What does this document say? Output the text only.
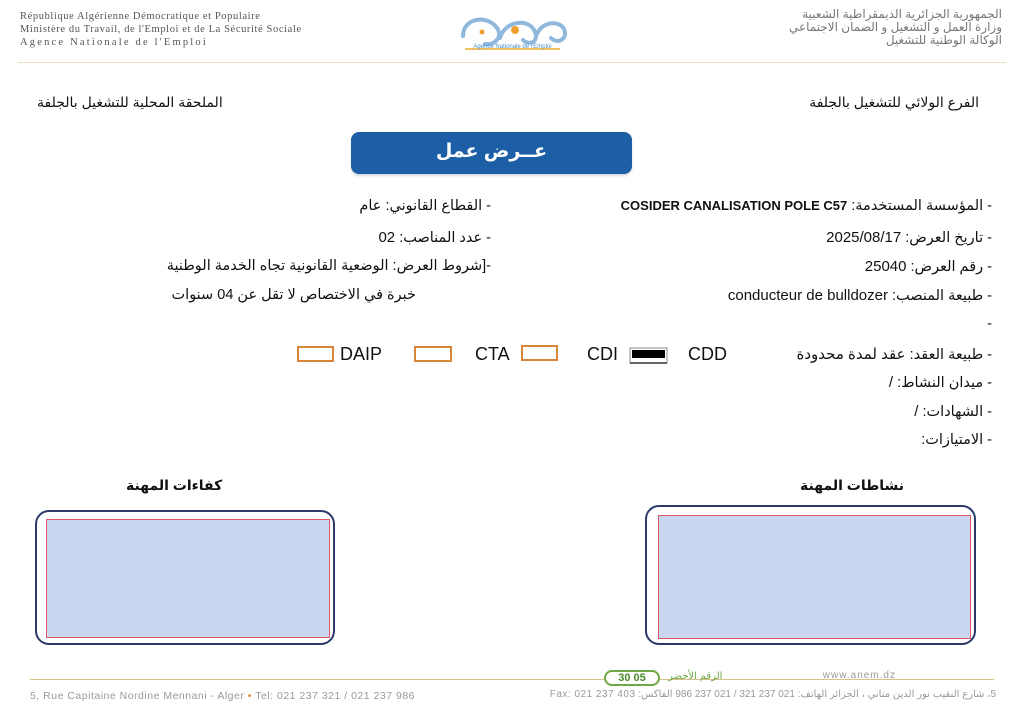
République Algérienne Démocratique et Populaire
Ministère du Travail, de l'Emploi et de La Sécurité Sociale
Agence Nationale de l'Emploi	Agence Nationale de l'Emploi
الجمهورية الجزائرية الديمقراطية الشعبية
وزارة العمل و التشغيل و الضمان الاجتماعي
الوكالة الوطنية للتشغيل
الفرع الولائي للتشغيل بالجلفة
الملحقة المحلية للتشغيل بالجلفة
عــرض عمل
- المؤسسة المستخدمة: COSIDER CANALISATION POLE C57
- تاريخ العرض: 2025/08/17
- رقم العرض: 25040
- طبيعة المنصب: conducteur de bulldozer
-
- طبيعة العقد: عقد لمدة محدودة
- ميدان النشاط: /
- الشهادات: /
- الامتيازات:
- القطاع القانوني: عام
- عدد المناصب: 02
-[شروط العرض: الوضعية القانونية تجاه الخدمة الوطنية
خبرة في الاختصاص لا تقل عن 04 سنوات
CDD
CDI
CTA
DAIP
نشاطات المهنة
كفاءات المهنة
www.anem.dz
30 05	الرقم الأخضر
5, Rue Capitaine Nordine Mennani - Alger • Tel: 021 237 321 / 021 237 986	5، شارع النقيب نور الدين مناني ، الجزائر الهاتف: 021 237 321 / 021 237 986 الفاكس: Fax: 021 237 403
